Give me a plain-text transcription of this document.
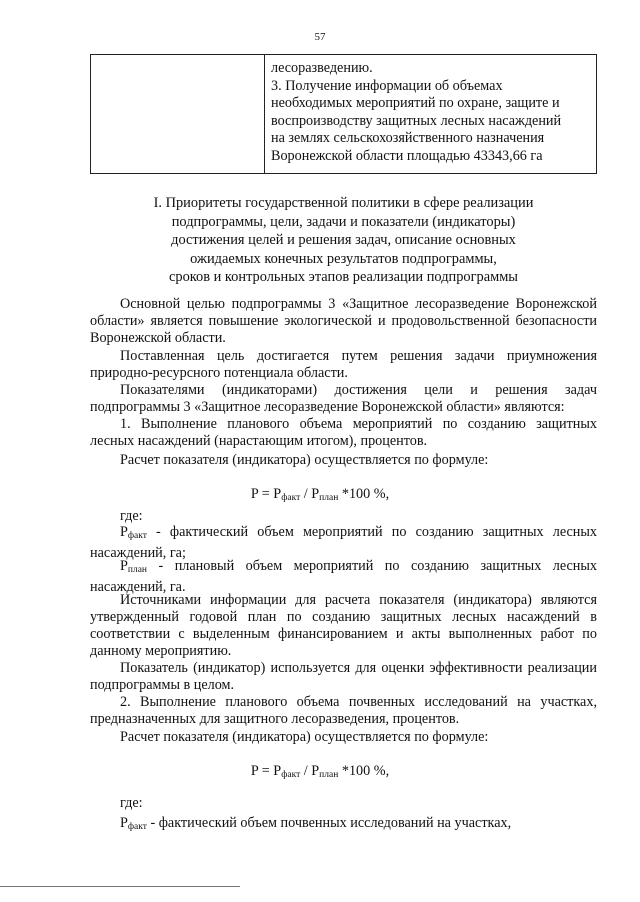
57

лесоразведению.
3. Получение информации об объемах
необходимых мероприятий по охране, защите и
воспроизводству защитных лесных насаждений
на землях сельскохозяйственного назначения
Воронежской области площадью 43343,66 га
I. Приоритеты государственной политики в сфере реализации
подпрограммы, цели, задачи и показатели (индикаторы)
достижения целей и решения задач, описание основных
ожидаемых конечных результатов подпрограммы,
сроков и контрольных этапов реализации подпрограммы

Основной целью подпрограммы 3 «Защитное лесоразведение Воронежской области» является повышение экологической и продовольственной безопасности Воронежской области.

Поставленная цель достигается путем решения задачи приумножения природно-ресурсного потенциала области.

Показателями (индикаторами) достижения цели и решения задач подпрограммы 3 «Защитное лесоразведение Воронежской области» являются:

1. Выполнение планового объема мероприятий по созданию защитных лесных насаждений (нарастающим итогом), процентов.

Расчет показателя (индикатора) осуществляется по формуле:

$P = P_{факт} / P_{план}$ *100 %,

где:

$P_{факт}$ - фактический объем мероприятий по созданию защитных лесных насаждений, га;

$P_{план}$ - плановый объем мероприятий по созданию защитных лесных насаждений, га.

Источниками информации для расчета показателя (индикатора) являются утвержденный годовой план по созданию защитных лесных насаждений в соответствии с выделенным финансированием и акты выполненных работ по данному мероприятию.

Показатель (индикатор) используется для оценки эффективности реализации подпрограммы в целом.

2. Выполнение планового объема почвенных исследований на участках, предназначенных для защитного лесоразведения, процентов.

Расчет показателя (индикатора) осуществляется по формуле:

$P = P_{факт} / P_{план}$ *100 %,

где:

$P_{факт}$ - фактический объем почвенных исследований на участках,
